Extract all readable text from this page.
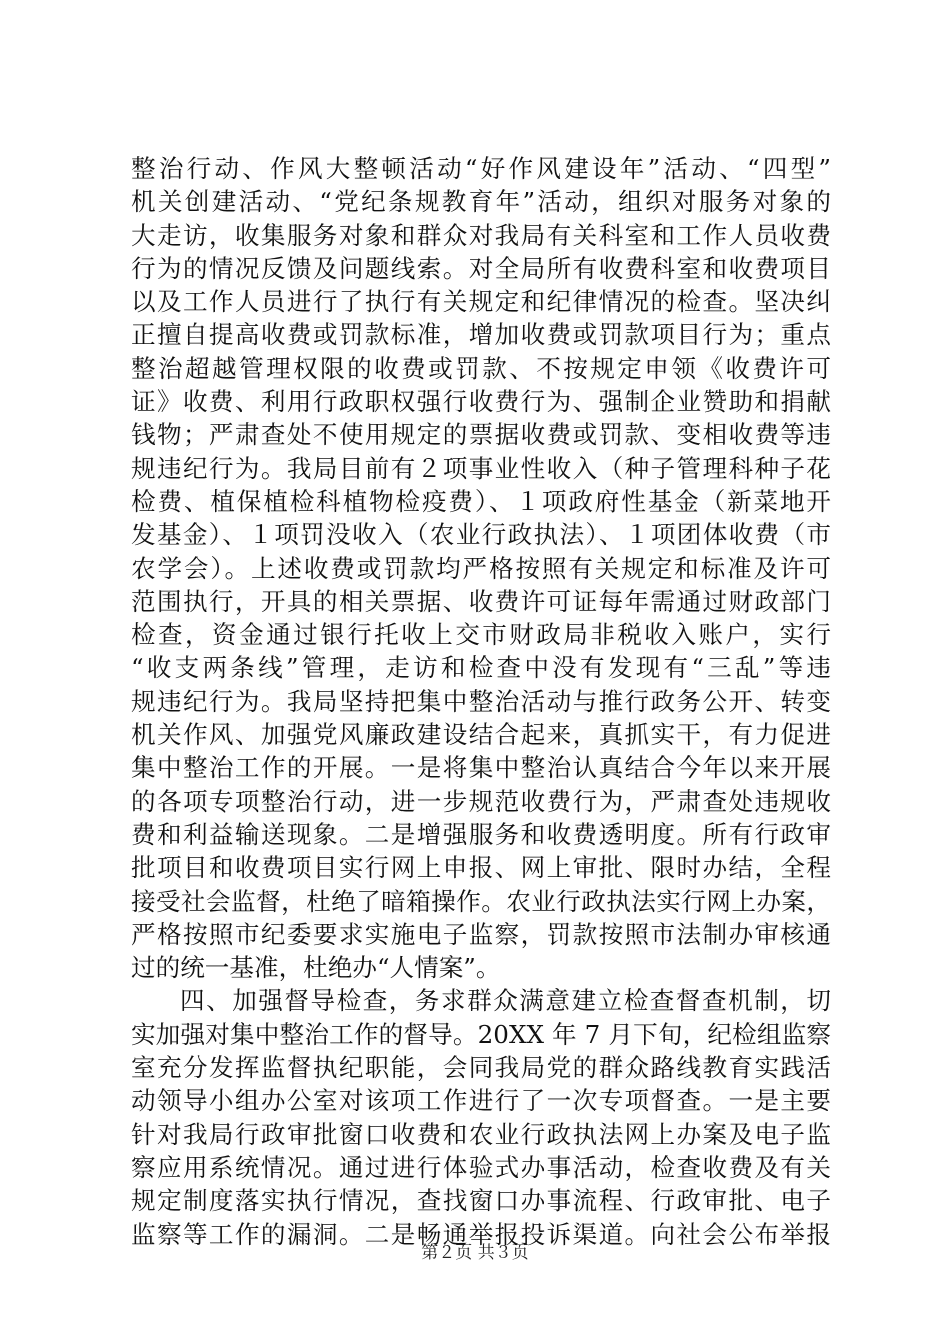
整治行动、作风大整顿活动“好作风建设年”活动、“四型”
机关创建活动、“党纪条规教育年”活动，组织对服务对象的
大走访，收集服务对象和群众对我局有关科室和工作人员收费
行为的情况反馈及问题线索。对全局所有收费科室和收费项目
以及工作人员进行了执行有关规定和纪律情况的检查。坚决纠
正擅自提高收费或罚款标准，增加收费或罚款项目行为；重点
整治超越管理权限的收费或罚款、不按规定申领《收费许可
证》收费、利用行政职权强行收费行为、强制企业赞助和捐献
钱物；严肃查处不使用规定的票据收费或罚款、变相收费等违
规违纪行为。我局目前有２项事业性收入（种子管理科种子花
检费、植保植检科植物检疫费）、１项政府性基金（新菜地开
发基金）、１项罚没收入（农业行政执法）、１项团体收费（市
农学会）。上述收费或罚款均严格按照有关规定和标准及许可
范围执行，开具的相关票据、收费许可证每年需通过财政部门
检查，资金通过银行托收上交市财政局非税收入账户，实行
“收支两条线”管理，走访和检查中没有发现有“三乱”等违
规违纪行为。我局坚持把集中整治活动与推行政务公开、转变
机关作风、加强党风廉政建设结合起来，真抓实干，有力促进
集中整治工作的开展。一是将集中整治认真结合今年以来开展
的各项专项整治行动，进一步规范收费行为，严肃查处违规收
费和利益输送现象。二是增强服务和收费透明度。所有行政审
批项目和收费项目实行网上申报、网上审批、限时办结，全程
接受社会监督，杜绝了暗箱操作。农业行政执法实行网上办案，
严格按照市纪委要求实施电子监察，罚款按照市法制办审核通
过的统一基准，杜绝办“人情案”。
四、加强督导检查，务求群众满意建立检查督查机制，切
实加强对集中整治工作的督导。20XX 年 7 月下旬，纪检组监察
室充分发挥监督执纪职能，会同我局党的群众路线教育实践活
动领导小组办公室对该项工作进行了一次专项督查。一是主要
针对我局行政审批窗口收费和农业行政执法网上办案及电子监
察应用系统情况。通过进行体验式办事活动，检查收费及有关
规定制度落实执行情况，查找窗口办事流程、行政审批、电子
监察等工作的漏洞。二是畅通举报投诉渠道。向社会公布举报
第２页 共３页
